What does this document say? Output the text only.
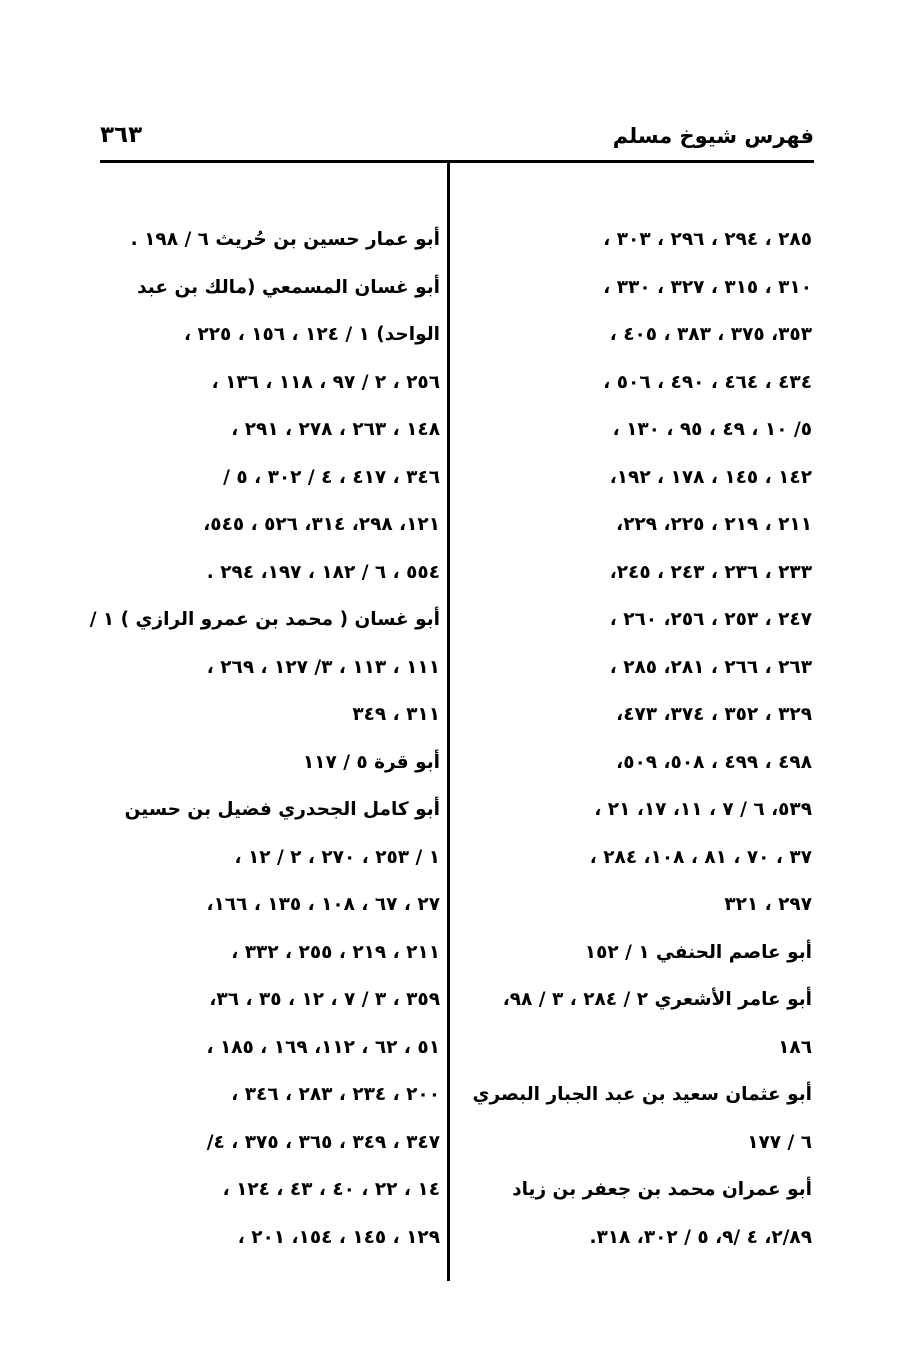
فهرس شيوخ مسلم
٣٦٣
٢٨٥ ، ٢٩٤ ، ٢٩٦ ، ٣٠٣ ،
٣١٠ ، ٣١٥ ، ٣٢٧ ، ٣٣٠ ،
٣٥٣، ٣٧٥ ، ٣٨٣ ، ٤٠٥ ،
٤٣٤ ، ٤٦٤ ، ٤٩٠ ، ٥٠٦ ،
٥/ ١٠ ، ٤٩ ، ٩٥ ، ١٣٠ ،
١٤٢ ، ١٤٥ ، ١٧٨ ، ١٩٢،
٢١١ ، ٢١٩ ، ٢٢٥، ٢٢٩،
٢٣٣ ، ٢٣٦ ، ٢٤٣ ، ٢٤٥،
٢٤٧ ، ٢٥٣ ، ٢٥٦، ٢٦٠ ،
٢٦٣ ، ٢٦٦ ، ٢٨١، ٢٨٥ ،
٣٢٩ ، ٣٥٢ ، ٣٧٤، ٤٧٣،
٤٩٨ ، ٤٩٩ ، ٥٠٨، ٥٠٩،
٥٣٩، ٦ / ٧ ، ١١، ١٧، ٢١ ،
٣٧ ، ٧٠ ، ٨١ ، ١٠٨، ٢٨٤ ،
٢٩٧ ، ٣٢١
أبو عاصم الحنفي ١ / ١٥٢
أبو عامر الأشعري ٢ / ٢٨٤ ، ٣ / ٩٨،
١٨٦
أبو عثمان سعيد بن عبد الجبار البصري
٦ / ١٧٧
أبو عمران محمد بن جعفر بن زياد
٢/٨٩، ٤ /٩، ٥ / ٣٠٢، ٣١٨.
أبو عمار حسين بن حُريث ٦ / ١٩٨ .
أبو غسان المسمعي (مالك بن عبد
الواحد) ١ / ١٢٤ ، ١٥٦ ، ٢٢٥ ،
٢٥٦ ، ٢ / ٩٧ ، ١١٨ ، ١٣٦ ،
١٤٨ ، ٢٦٣ ، ٢٧٨ ، ٢٩١ ،
٣٤٦ ، ٤١٧ ، ٤ / ٣٠٢ ، ٥ /
١٢١، ٢٩٨، ٣١٤، ٥٢٦ ، ٥٤٥،
٥٥٤ ، ٦ / ١٨٢ ، ١٩٧، ٢٩٤ .
أبو غسان ( محمد بن عمرو الرازي ) ١ /
١١١ ، ١١٣ ، ٣/ ١٢٧ ، ٢٦٩ ،
٣١١ ، ٣٤٩
أبو قرة ٥ / ١١٧
أبو كامل الجحدري فضيل بن حسين
١ / ٢٥٣ ، ٢٧٠ ، ٢ / ١٢ ،
٢٧ ، ٦٧ ، ١٠٨ ، ١٣٥ ، ١٦٦،
٢١١ ، ٢١٩ ، ٢٥٥ ، ٣٣٢ ،
٣٥٩ ، ٣ / ٧ ، ١٢ ، ٣٥ ، ٣٦،
٥١ ، ٦٢ ، ١١٢، ١٦٩ ، ١٨٥ ،
٢٠٠ ، ٢٣٤ ، ٢٨٣ ، ٣٤٦ ،
٣٤٧ ، ٣٤٩ ، ٣٦٥ ، ٣٧٥ ، ٤/
١٤ ، ٢٢ ، ٤٠ ، ٤٣ ، ١٢٤ ،
١٢٩ ، ١٤٥ ، ١٥٤، ٢٠١ ،
